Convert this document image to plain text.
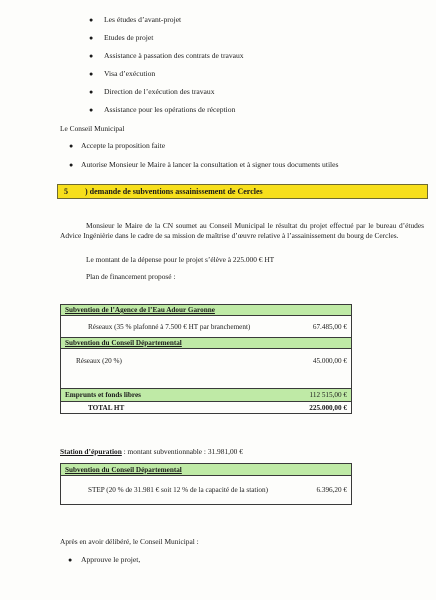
● Les études d’avant-projet
● Etudes de projet
● Assistance à passation des contrats de travaux
● Visa d’exécution
● Direction de l’exécution des travaux
● Assistance pour les opérations de réception
Le Conseil Municipal
● Accepte la proposition faite
● Autorise Monsieur le Maire à lancer la consultation et à signer tous documents utiles
5 ) demande de subventions assainissement de Cercles
Monsieur le Maire de la CN soumet au Conseil Municipal le résultat du projet effectué par le bureau d’études Advice Ingénièrie dans le cadre de sa mission de maîtrise d’œuvre relative à l’assainissement du bourg de Cercles.
Le montant de la dépense pour le projet s’élève à 225.000 € HT
Plan de financement proposé :
Subvention de l’Agence de l’Eau Adour Garonne	
Réseaux (35 % plafonné à 7.500 € HT par branchement)	67.485,00 €
Subvention du Conseil Départemental	
Réseaux (20 %)	45.000,00 €
Emprunts et fonds libres	112 515,00 €
TOTAL HT	225.000,00 €
Station d’épuration : montant subventionnable : 31.981,00 €
Subvention du Conseil Départemental
STEP (20 % de 31.981 € soit 12 % de la capacité de la station)	6.396,20 €
Après en avoir délibéré, le Conseil Municipal :
● Approuve le projet,
